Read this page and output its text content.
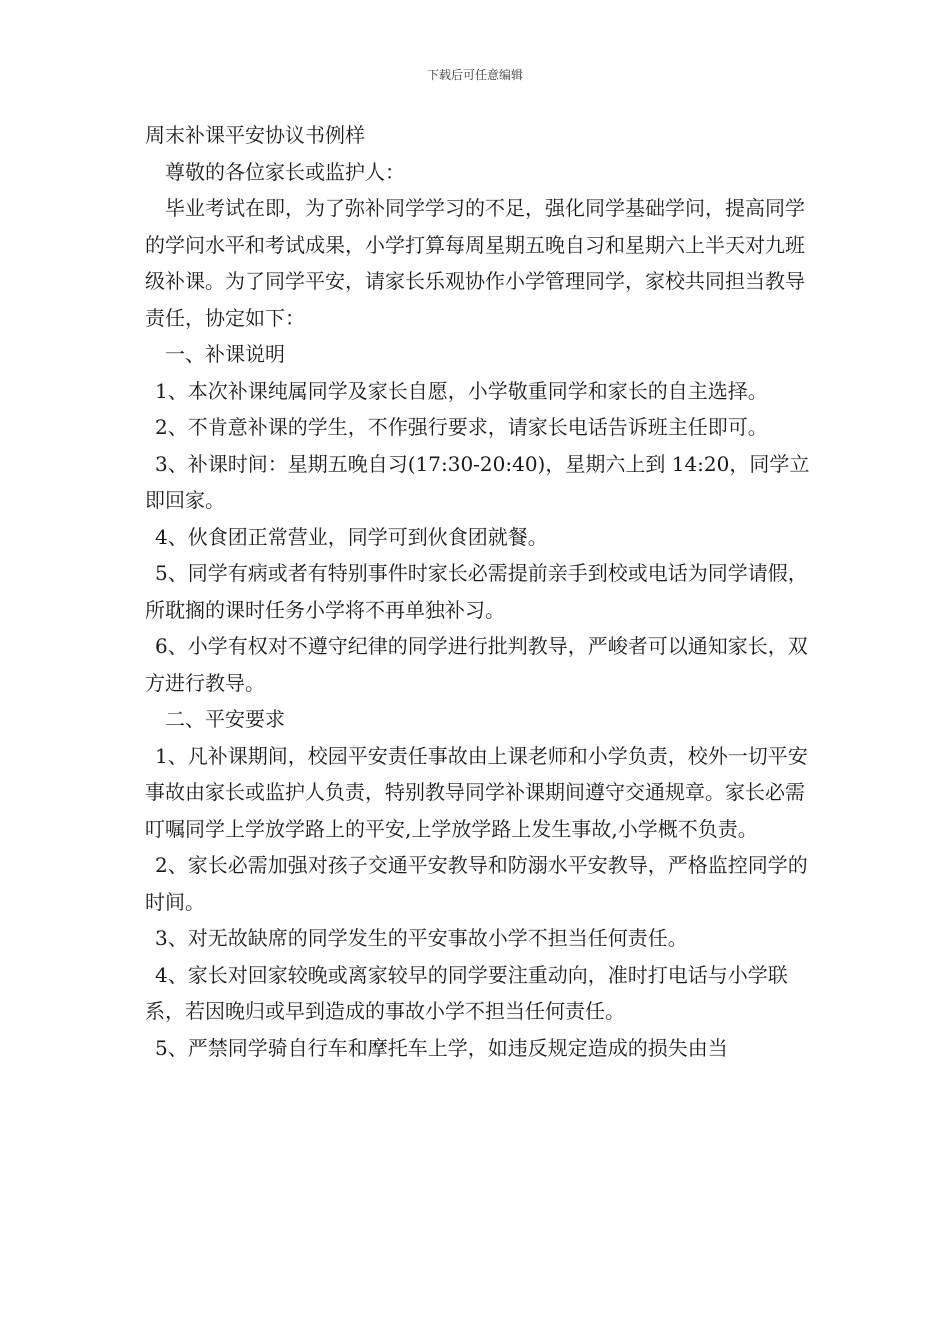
下载后可任意编辑

周末补课平安协议书例样

尊敬的各位家长或监护人：

毕业考试在即，为了弥补同学学习的不足，强化同学基础学问，提高同学的学问水平和考试成果，小学打算每周星期五晚自习和星期六上半天对九班级补课。为了同学平安，请家长乐观协作小学管理同学，家校共同担当教导责任，协定如下：

一、补课说明

1、本次补课纯属同学及家长自愿，小学敬重同学和家长的自主选择。

2、不肯意补课的学生，不作强行要求，请家长电话告诉班主任即可。

3、补课时间：星期五晚自习(17:30-20:40)，星期六上到 14:20，同学立即回家。

4、伙食团正常营业，同学可到伙食团就餐。

5、同学有病或者有特别事件时家长必需提前亲手到校或电话为同学请假，所耽搁的课时任务小学将不再单独补习。

6、小学有权对不遵守纪律的同学进行批判教导，严峻者可以通知家长，双方进行教导。

二、平安要求

1、凡补课期间，校园平安责任事故由上课老师和小学负责，校外一切平安事故由家长或监护人负责，特别教导同学补课期间遵守交通规章。家长必需叮嘱同学上学放学路上的平安,上学放学路上发生事故,小学概不负责。

2、家长必需加强对孩子交通平安教导和防溺水平安教导，严格监控同学的时间。

3、对无故缺席的同学发生的平安事故小学不担当任何责任。

4、家长对回家较晚或离家较早的同学要注重动向，准时打电话与小学联系，若因晚归或早到造成的事故小学不担当任何责任。

5、严禁同学骑自行车和摩托车上学，如违反规定造成的损失由当
